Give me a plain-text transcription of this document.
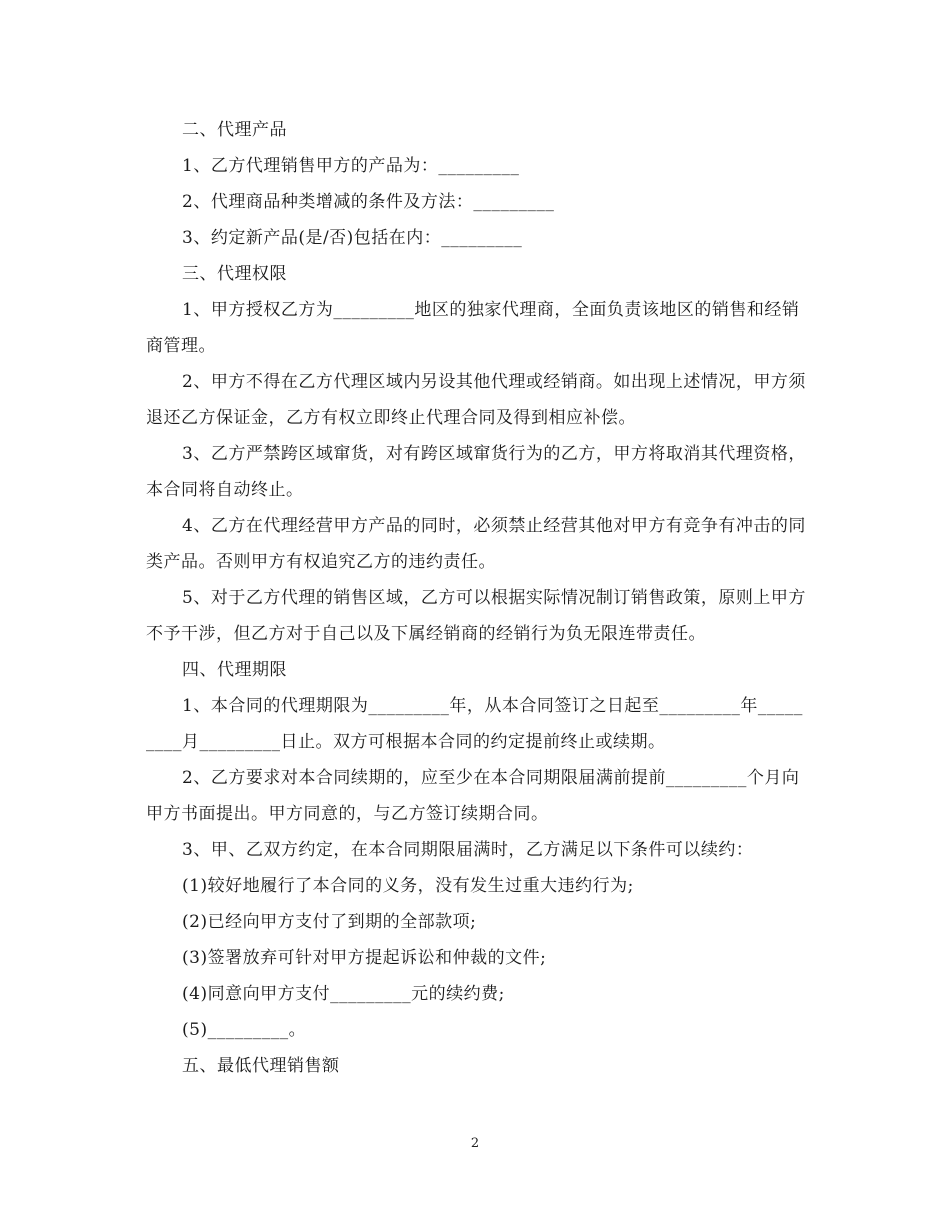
二、代理产品

1、乙方代理销售甲方的产品为：_________

2、代理商品种类增减的条件及方法：_________

3、约定新产品(是/否)包括在内：_________

三、代理权限

1、甲方授权乙方为_________地区的独家代理商，全面负责该地区的销售和经销商管理。

2、甲方不得在乙方代理区域内另设其他代理或经销商。如出现上述情况，甲方须退还乙方保证金，乙方有权立即终止代理合同及得到相应补偿。

3、乙方严禁跨区域窜货，对有跨区域窜货行为的乙方，甲方将取消其代理资格，本合同将自动终止。

4、乙方在代理经营甲方产品的同时，必须禁止经营其他对甲方有竞争有冲击的同类产品。否则甲方有权追究乙方的违约责任。

5、对于乙方代理的销售区域，乙方可以根据实际情况制订销售政策，原则上甲方不予干涉，但乙方对于自己以及下属经销商的经销行为负无限连带责任。

四、代理期限

1、本合同的代理期限为_________年，从本合同签订之日起至_________年_________月_________日止。双方可根据本合同的约定提前终止或续期。

2、乙方要求对本合同续期的，应至少在本合同期限届满前提前_________个月向甲方书面提出。甲方同意的，与乙方签订续期合同。

3、甲、乙双方约定，在本合同期限届满时，乙方满足以下条件可以续约：

(1)较好地履行了本合同的义务，没有发生过重大违约行为;

(2)已经向甲方支付了到期的全部款项;

(3)签署放弃可针对甲方提起诉讼和仲裁的文件;

(4)同意向甲方支付_________元的续约费;

(5)_________。

五、最低代理销售额

2
